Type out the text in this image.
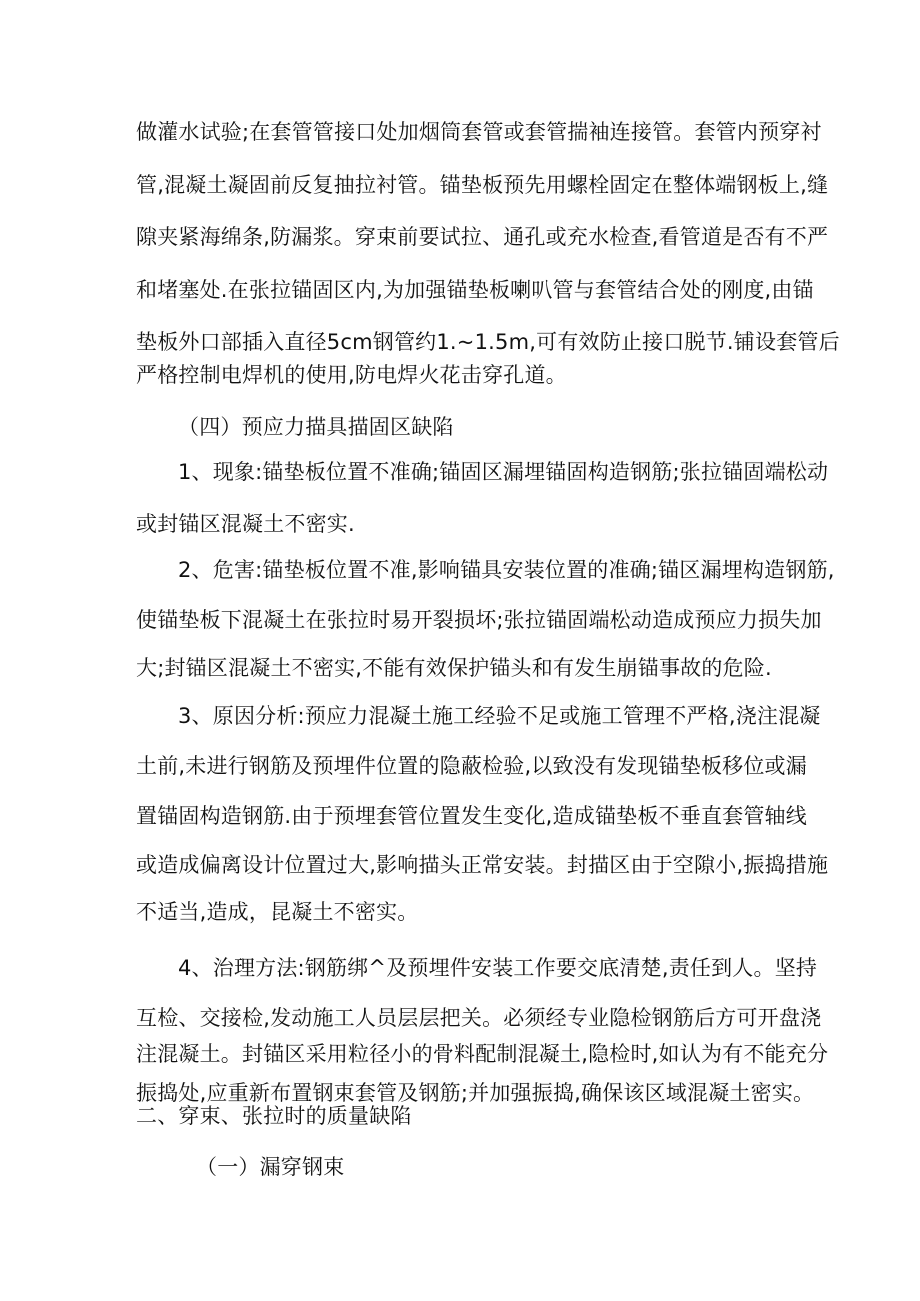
做灌水试验;在套管管接口处加烟筒套管或套管揣袖连接管。套管内预穿衬
管,混凝土凝固前反复抽拉衬管。锚垫板预先用螺栓固定在整体端钢板上,缝
隙夹紧海绵条,防漏浆。穿束前要试拉、通孔或充水检查,看管道是否有不严
和堵塞处.在张拉锚固区内,为加强锚垫板喇叭管与套管结合处的刚度,由锚
垫板外口部插入直径5cm钢管约1.~1.5m,可有效防止接口脱节.铺设套管后
严格控制电焊机的使用,防电焊火花击穿孔道。
（四）预应力描具描固区缺陷
1、现象:锚垫板位置不准确;锚固区漏埋锚固构造钢筋;张拉锚固端松动
或封锚区混凝土不密实.
2、危害:锚垫板位置不准,影响锚具安装位置的准确;锚区漏埋构造钢筋,
使锚垫板下混凝土在张拉时易开裂损坏;张拉锚固端松动造成预应力损失加
大;封锚区混凝土不密实,不能有效保护锚头和有发生崩锚事故的危险.
3、原因分析:预应力混凝土施工经验不足或施工管理不严格,浇注混凝
土前,未进行钢筋及预埋件位置的隐蔽检验,以致没有发现锚垫板移位或漏
置锚固构造钢筋.由于预埋套管位置发生变化,造成锚垫板不垂直套管轴线
或造成偏离设计位置过大,影响描头正常安装。封描区由于空隙小,振捣措施
不适当,造成，昆凝土不密实。
4、治理方法:钢筋绑^及预埋件安装工作要交底清楚,责任到人。坚持
互检、交接检,发动施工人员层层把关。必须经专业隐检钢筋后方可开盘浇
注混凝土。封锚区采用粒径小的骨料配制混凝土,隐检时,如认为有不能充分
振捣处,应重新布置钢束套管及钢筋;并加强振捣,确保该区域混凝土密实。
二、穿束、张拉时的质量缺陷
（一）漏穿钢束
